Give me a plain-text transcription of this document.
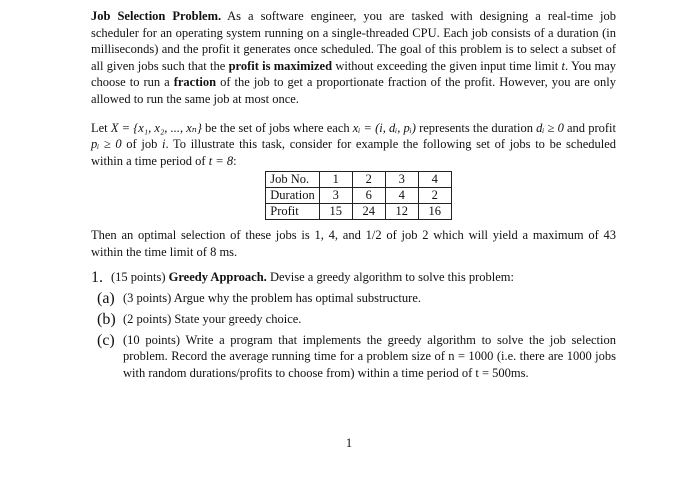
Job Selection Problem. As a software engineer, you are tasked with designing a real-time job scheduler for an operating system running on a single-threaded CPU. Each job consists of a duration (in milliseconds) and the profit it generates once scheduled. The goal of this problem is to select a subset of all given jobs such that the profit is maximized without exceeding the given input time limit t. You may choose to run a fraction of the job to get a proportionate fraction of the profit. However, you are only allowed to run the same job at most once.

Let X = {x₁, x₂, ..., xₙ} be the set of jobs where each xᵢ = (i, dᵢ, pᵢ) represents the duration dᵢ ≥ 0 and profit pᵢ ≥ 0 of job i. To illustrate this task, consider for example the following set of jobs to be scheduled within a time period of t = 8:

Job No.	1	2	3	4
Duration	3	6	4	2
Profit	15	24	12	16

Then an optimal selection of these jobs is 1, 4, and 1/2 of job 2 which will yield a maximum of 43 within the time limit of 8 ms.

1. (15 points) Greedy Approach. Devise a greedy algorithm to solve this problem:

(a) (3 points) Argue why the problem has optimal substructure.

(b) (2 points) State your greedy choice.

(c) (10 points) Write a program that implements the greedy algorithm to solve the job selection problem. Record the average running time for a problem size of n = 1000 (i.e. there are 1000 jobs with random durations/profits to choose from) within a time period of t = 500ms.

1
